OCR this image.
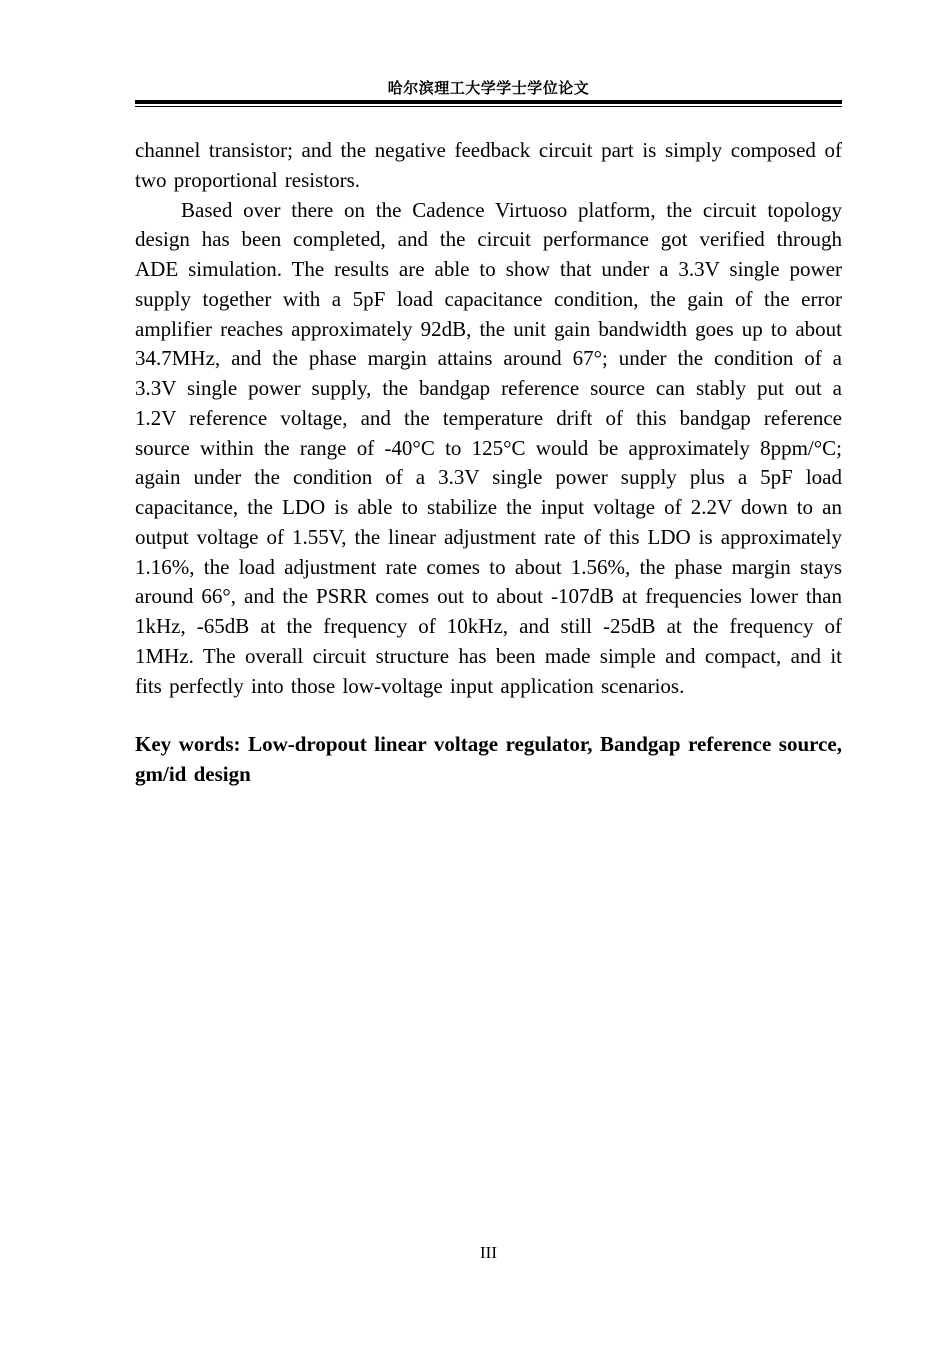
哈尔滨理工大学学士学位论文

channel transistor; and the negative feedback circuit part is simply composed of two proportional resistors.

Based over there on the Cadence Virtuoso platform, the circuit topology design has been completed, and the circuit performance got verified through ADE simulation. The results are able to show that under a 3.3V single power supply together with a 5pF load capacitance condition, the gain of the error amplifier reaches approximately 92dB, the unit gain bandwidth goes up to about 34.7MHz, and the phase margin attains around 67°; under the condition of a 3.3V single power supply, the bandgap reference source can stably put out a 1.2V reference voltage, and the temperature drift of this bandgap reference source within the range of -40°C to 125°C would be approximately 8ppm/°C; again under the condition of a 3.3V single power supply plus a 5pF load capacitance, the LDO is able to stabilize the input voltage of 2.2V down to an output voltage of 1.55V, the linear adjustment rate of this LDO is approximately 1.16%, the load adjustment rate comes to about 1.56%, the phase margin stays around 66°, and the PSRR comes out to about -107dB at frequencies lower than 1kHz, -65dB at the frequency of 10kHz, and still -25dB at the frequency of 1MHz. The overall circuit structure has been made simple and compact, and it fits perfectly into those low-voltage input application scenarios.

Key words: Low-dropout linear voltage regulator, Bandgap reference source, gm/id design

III
